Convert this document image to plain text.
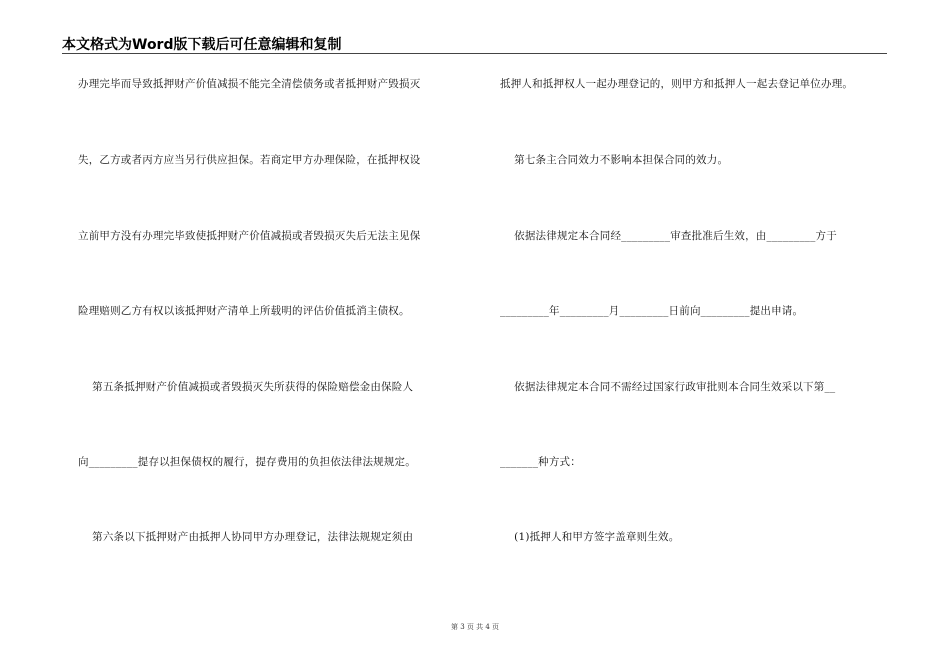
本文格式为Word版下载后可任意编辑和复制
办理完毕而导致抵押财产价值减损不能完全清偿债务或者抵押财产毁损灭
失，乙方或者丙方应当另行供应担保。若商定甲方办理保险，在抵押权设
立前甲方没有办理完毕致使抵押财产价值减损或者毁损灭失后无法主见保
险理赔则乙方有权以该抵押财产清单上所载明的评估价值抵消主债权。
第五条抵押财产价值减损或者毁损灭失所获得的保险赔偿金由保险人
向_________提存以担保债权的履行，提存费用的负担依法律法规规定。
第六条以下抵押财产由抵押人协同甲方办理登记，法律法规规定须由
抵押人和抵押权人一起办理登记的，则甲方和抵押人一起去登记单位办理。
第七条主合同效力不影响本担保合同的效力。
依据法律规定本合同经_________审查批准后生效，由_________方于
_________年_________月_________日前向_________提出申请。
依据法律规定本合同不需经过国家行政审批则本合同生效采以下第__
_______种方式：
(1)抵押人和甲方签字盖章则生效。
第 3 页 共 4 页
